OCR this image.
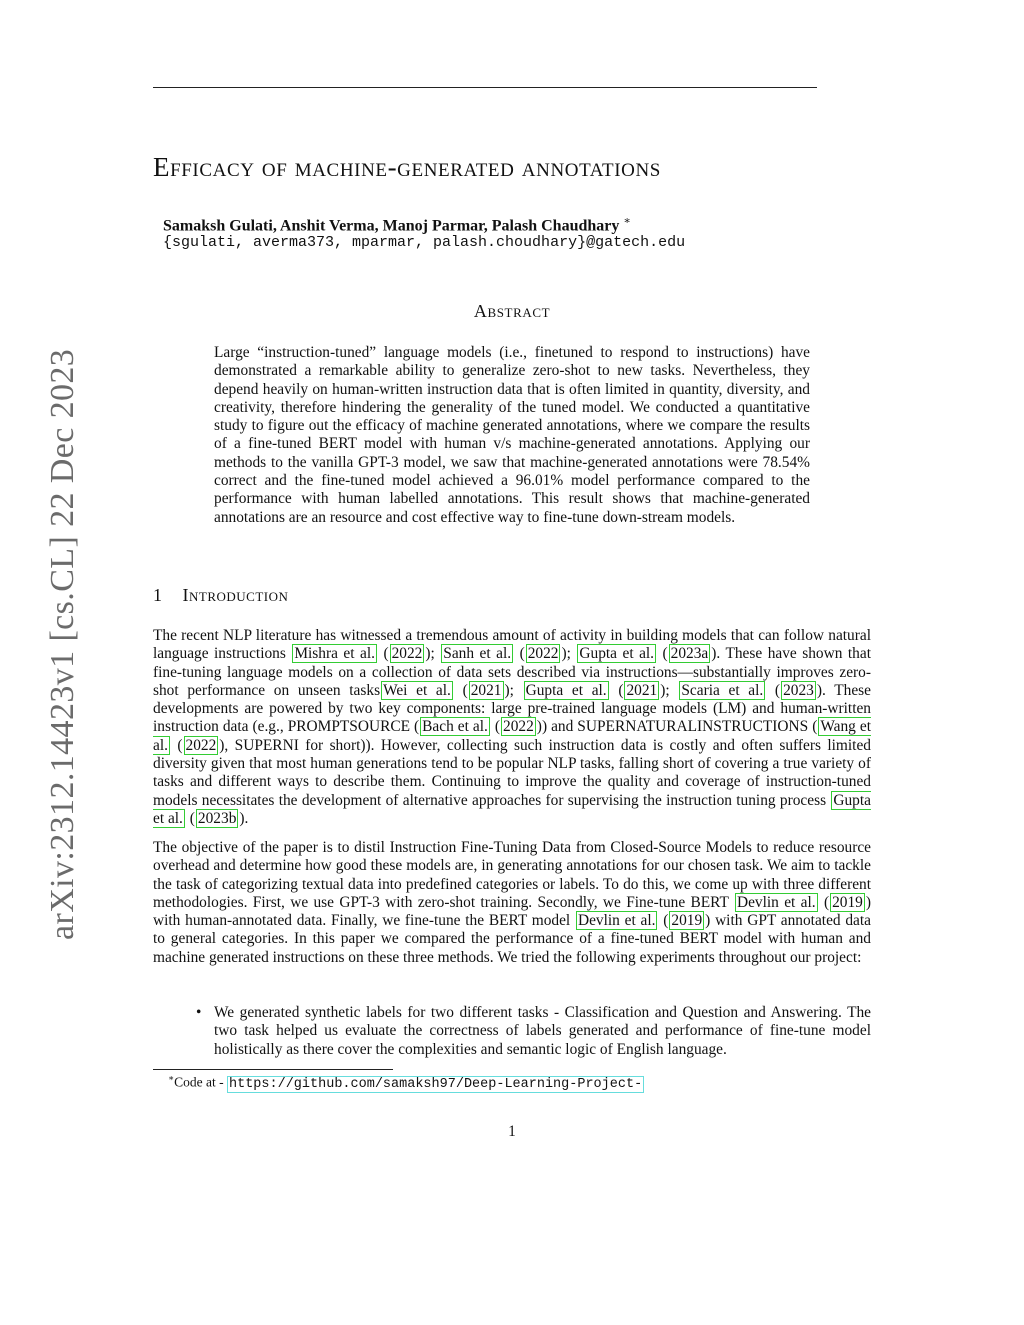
arXiv:2312.14423v1 [cs.CL] 22 Dec 2023
Efficacy of machine-generated annotations
Samaksh Gulati, Anshit Verma, Manoj Parmar, Palash Chaudhary ∗
{sgulati, averma373, mparmar, palash.choudhary}@gatech.edu
Abstract

Large “instruction-tuned” language models (i.e., finetuned to respond to instructions) have demonstrated a remarkable ability to generalize zero-shot to new tasks. Nevertheless, they depend heavily on human-written instruction data that is often limited in quantity, diversity, and creativity, therefore hindering the generality of the tuned model. We conducted a quantitative study to figure out the efficacy of machine generated annotations, where we compare the results of a fine-tuned BERT model with human v/s machine-generated annotations. Applying our methods to the vanilla GPT-3 model, we saw that machine-generated annotations were 78.54% correct and the fine-tuned model achieved a 96.01% model performance compared to the performance with human labelled annotations. This result shows that machine-generated annotations are an resource and cost effective way to fine-tune down-stream models.

1 Introduction

The recent NLP literature has witnessed a tremendous amount of activity in building models that can follow natural language instructions Mishra et al. ( 2022 ); Sanh et al. ( 2022 ); Gupta et al. ( 2023a ). These have shown that fine-tuning language models on a collection of data sets described via instructions—substantially improves zero-shot performance on unseen tasks Wei et al. ( 2021 ); Gupta et al. ( 2021 ); Scaria et al. ( 2023 ). These developments are powered by two key components: large pre-trained language models (LM) and human-written instruction data (e.g., PROMPTSOURCE ( Bach et al. ( 2022 )) and SUPERNATURALINSTRUCTIONS ( Wang et al. ( 2022 ), SUPERNI for short)). However, collecting such instruction data is costly and often suffers limited diversity given that most human generations tend to be popular NLP tasks, falling short of covering a true variety of tasks and different ways to describe them. Continuing to improve the quality and coverage of instruction-tuned models necessitates the development of alternative approaches for supervising the instruction tuning process Gupta et al. ( 2023b ).

The objective of the paper is to distil Instruction Fine-Tuning Data from Closed-Source Models to reduce resource overhead and determine how good these models are, in generating annotations for our chosen task. We aim to tackle the task of categorizing textual data into predefined categories or labels. To do this, we come up with three different methodologies. First, we use GPT-3 with zero-shot training. Secondly, we Fine-tune BERT Devlin et al. ( 2019 ) with human-annotated data. Finally, we fine-tune the BERT model Devlin et al. ( 2019 ) with GPT annotated data to general categories. In this paper we compared the performance of a fine-tuned BERT model with human and machine generated instructions on these three methods. We tried the following experiments throughout our project:

• We generated synthetic labels for two different tasks - Classification and Question and Answering. The two task helped us evaluate the correctness of labels generated and performance of fine-tune model holistically as there cover the complexities and semantic logic of English language.
∗Code at - https://github.com/samaksh97/Deep-Learning-Project-
1
